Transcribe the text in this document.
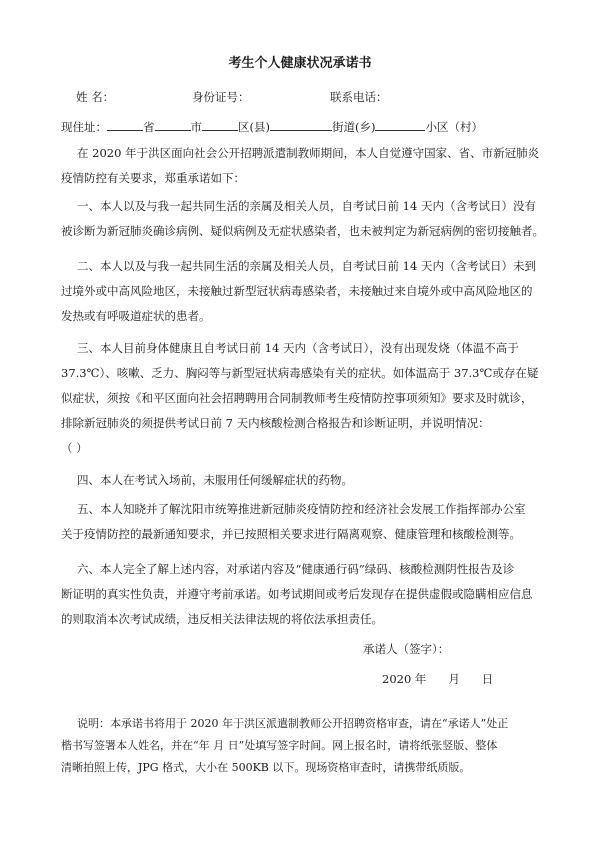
考生个人健康状况承诺书
姓 名：	身份证号：	联系电话：
现住址：	省	市	区(县)	街道(乡)	小区（村）

在 2020 年于洪区面向社会公开招聘派遣制教师期间，本人自觉遵守国家、省、市新冠肺炎

疫情防控有关要求，郑重承诺如下：

一、本人以及与我一起共同生活的亲属及相关人员，自考试日前 14 天内（含考试日）没有

被诊断为新冠肺炎确诊病例、疑似病例及无症状感染者，也未被判定为新冠病例的密切接触者。

二、本人以及与我一起共同生活的亲属及相关人员，自考试日前 14 天内（含考试日）未到

过境外或中高风险地区，未接触过新型冠状病毒感染者，未接触过来自境外或中高风险地区的

发热或有呼吸道症状的患者。

三、本人目前身体健康且自考试日前 14 天内（含考试日），没有出现发烧（体温不高于

37.3℃）、咳嗽、乏力、胸闷等与新型冠状病毒感染有关的症状。如体温高于 37.3℃或存在疑

似症状，须按《和平区面向社会招聘聘用合同制教师考生疫情防控事项须知》要求及时就诊，

排除新冠肺炎的须提供考试日前 7 天内核酸检测合格报告和诊断证明，并说明情况：

（ ）

四、本人在考试入场前，未服用任何缓解症状的药物。

五、本人知晓并了解沈阳市统筹推进新冠肺炎疫情防控和经济社会发展工作指挥部办公室

关于疫情防控的最新通知要求，并已按照相关要求进行隔离观察、健康管理和核酸检测等。

六、本人完全了解上述内容，对承诺内容及“健康通行码”绿码、核酸检测阴性报告及诊

断证明的真实性负责，并遵守考前承诺。如考试期间或考后发现存在提供虚假或隐瞒相应信息

的则取消本次考试成绩，违反相关法律法规的将依法承担责任。

承诺人（签字）：
2020 年      月      日

说明：本承诺书将用于 2020 年于洪区派遣制教师公开招聘资格审查，请在“承诺人”处正

楷书写签署本人姓名，并在“年 月 日”处填写签字时间。网上报名时，请将纸张竖版、整体

清晰拍照上传，JPG 格式，大小在 500KB 以下。现场资格审查时，请携带纸质版。
